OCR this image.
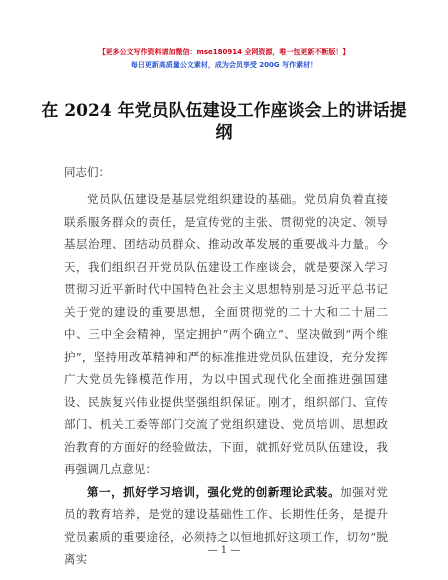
【更多公文写作资料请加微信：mse180914 全网资源，唯一包更新不断版！】
每日更新高质量公文素材，成为会员享受 200G 写作素材！
在 2024 年党员队伍建设工作座谈会上的讲话提纲
同志们：

党员队伍建设是基层党组织建设的基础。党员肩负着直接联系服务群众的责任，是宣传党的主张、贯彻党的决定、领导基层治理、团结动员群众、推动改革发展的重要战斗力量。今天，我们组织召开党员队伍建设工作座谈会，就是要深入学习贯彻习近平新时代中国特色社会主义思想特别是习近平总书记关于党的建设的重要思想，全面贯彻党的二十大和二十届二中、三中全会精神，坚定拥护“两个确立”、坚决做到“两个维护”，坚持用改革精神和严的标准推进党员队伍建设，充分发挥广大党员先锋模范作用，为以中国式现代化全面推进强国建设、民族复兴伟业提供坚强组织保证。刚才，组织部门、宣传部门、机关工委等部门交流了党组织建设、党员培训、思想政治教育的方面好的经验做法，下面，就抓好党员队伍建设，我再强调几点意见：

第一，抓好学习培训，强化党的创新理论武装。加强对党员的教育培养，是党的建设基础性工作、长期性任务，是提升党员素质的重要途径，必须持之以恒地抓好这项工作，切勿“脱离实

— 1 —
